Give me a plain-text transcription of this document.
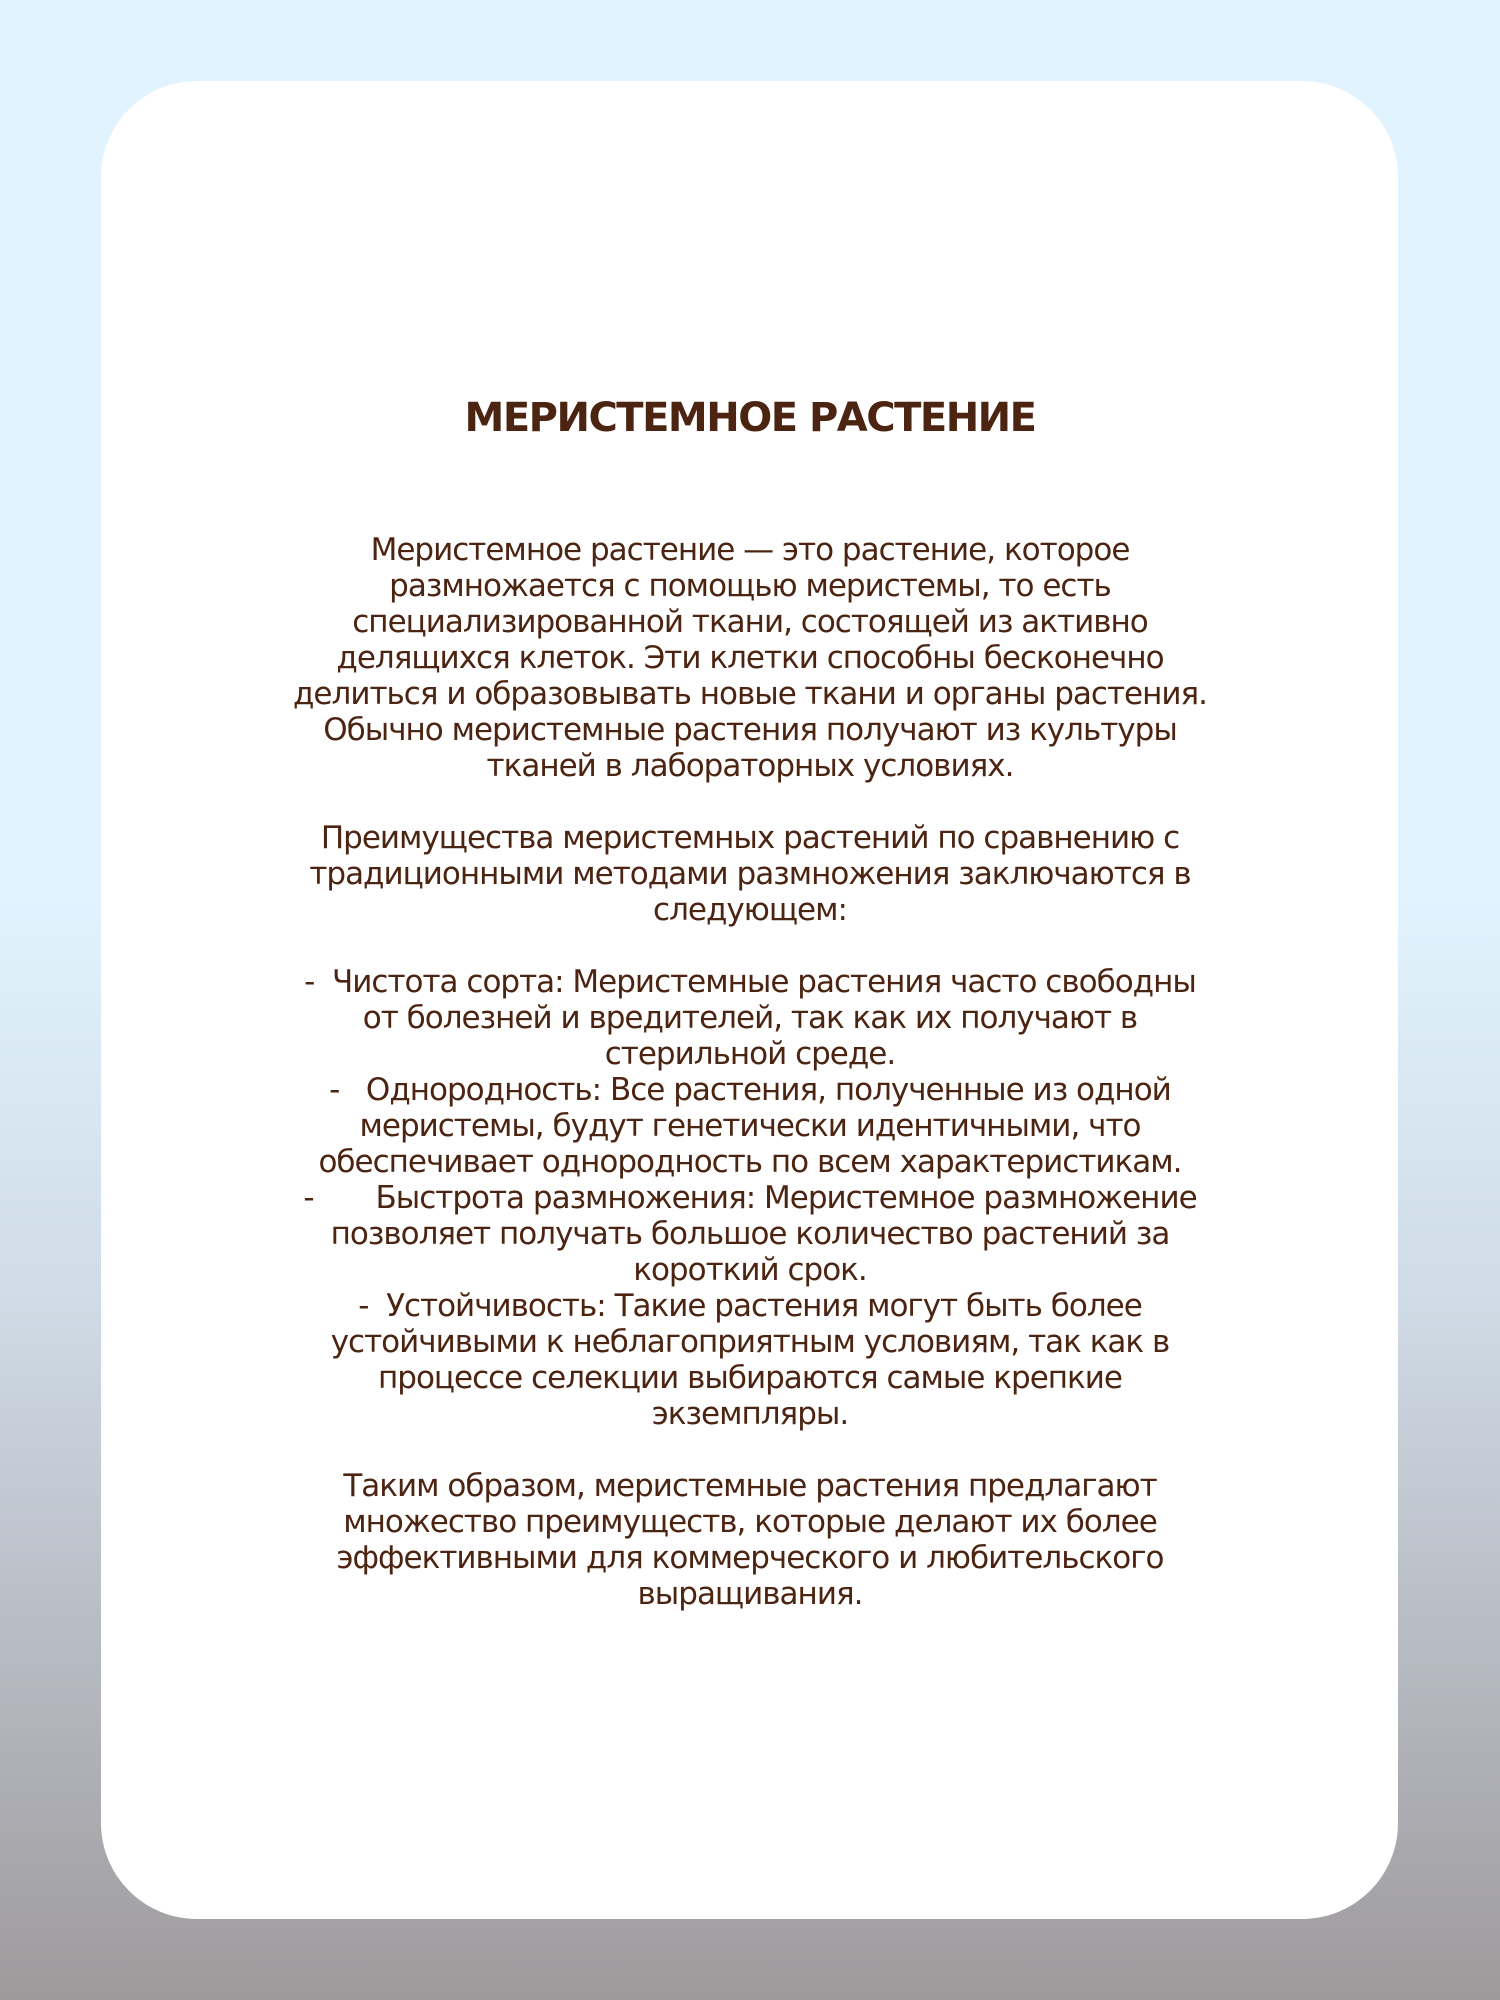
МЕРИСТЕМНОЕ РАСТЕНИЕ

Меристемное растение — это растение, которое размножается с помощью меристемы, то есть специализированной ткани, состоящей из активно делящихся клеток. Эти клетки способны бесконечно делиться и образовывать новые ткани и органы растения. Обычно меристемные растения получают из культуры тканей в лабораторных условиях.

Преимущества меристемных растений по сравнению с традиционными методами размножения заключаются в следующем:

-  Чистота сорта: Меристемные растения часто свободны от болезней и вредителей, так как их получают в стерильной среде.

-   Однородность: Все растения, полученные из одной меристемы, будут генетически идентичными, что обеспечивает однородность по всем характеристикам.

-       Быстрота размножения: Меристемное размножение позволяет получать большое количество растений за короткий срок.

-  Устойчивость: Такие растения могут быть более устойчивыми к неблагоприятным условиям, так как в процессе селекции выбираются самые крепкие экземпляры.

Таким образом, меристемные растения предлагают множество преимуществ, которые делают их более эффективными для коммерческого и любительского выращивания.
